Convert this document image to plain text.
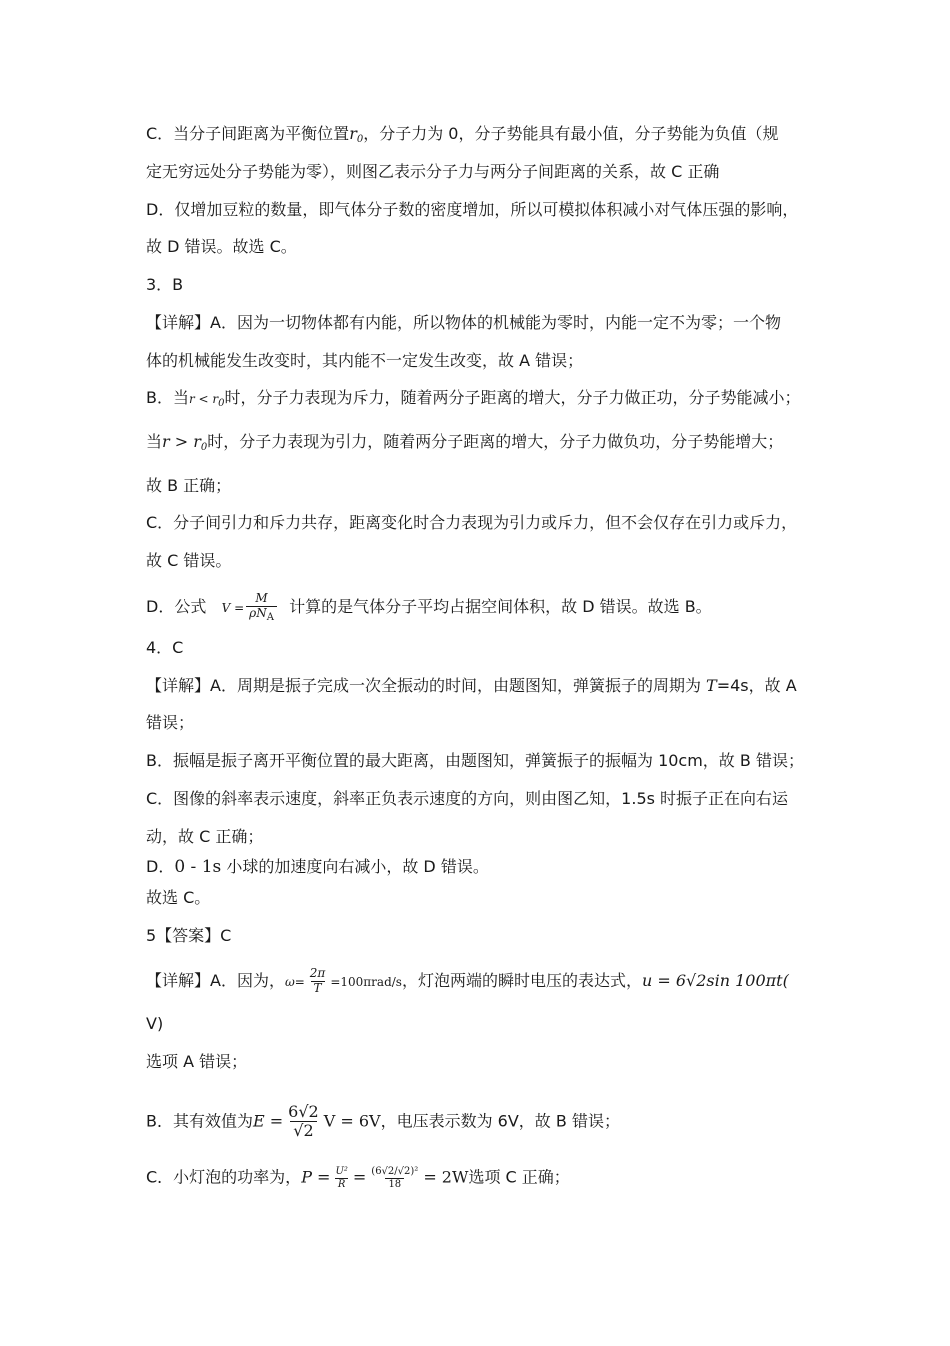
C．当分子间距离为平衡位置$r_0$，分子力为 0，分子势能具有最小值，分子势能为负值（规
定无穷远处分子势能为零），则图乙表示分子力与两分子间距离的关系，故 C 正确
D．仅增加豆粒的数量，即气体分子数的密度增加，所以可模拟体积减小对气体压强的影响，
故 D 错误。故选 C。
3．B
【详解】A．因为一切物体都有内能，所以物体的机械能为零时，内能一定不为零；一个物
体的机械能发生改变时，其内能不一定发生改变，故 A 错误；
B．当$r < r_0$时，分子力表现为斥力，随着两分子距离的增大，分子力做正功，分子势能减小；
当$r > r_0$时，分子力表现为引力，随着两分子距离的增大，分子力做负功，分子势能增大；
故 B 正确；
C．分子间引力和斥力共存，距离变化时合力表现为引力或斥力，但不会仅存在引力或斥力，
故 C 错误。
D．公式 $V = \frac{M}{\rho N_A}$ 计算的是气体分子平均占据空间体积，故 D 错误。故选 B。
4．C
【详解】A．周期是振子完成一次全振动的时间，由题图知，弹簧振子的周期为 T=4s，故 A
错误；
B．振幅是振子离开平衡位置的最大距离，由题图知，弹簧振子的振幅为 10cm，故 B 错误；
C．图像的斜率表示速度，斜率正负表示速度的方向，则由图乙知，1.5s 时振子正在向右运
动，故 C 正确；
D．0 - 1s 小球的加速度向右减小，故 D 错误。
故选 C。
5【答案】C
【详解】A．因为，$\omega= \frac{2\pi}{T} =100\pi rad/s$，灯泡两端的瞬时电压的表达式，u = 6√2sin 100πt(
V)
选项 A 错误；
B．其有效值为$E = \frac{6√2}{√2}$ V = 6V，电压表示数为 6V，故 B 错误；
C．小灯泡的功率为，$P = \frac{\text{U²}}{R} = \frac{\text{(6√2/√2)²}}{18} = 2W$选项 C 正确；
